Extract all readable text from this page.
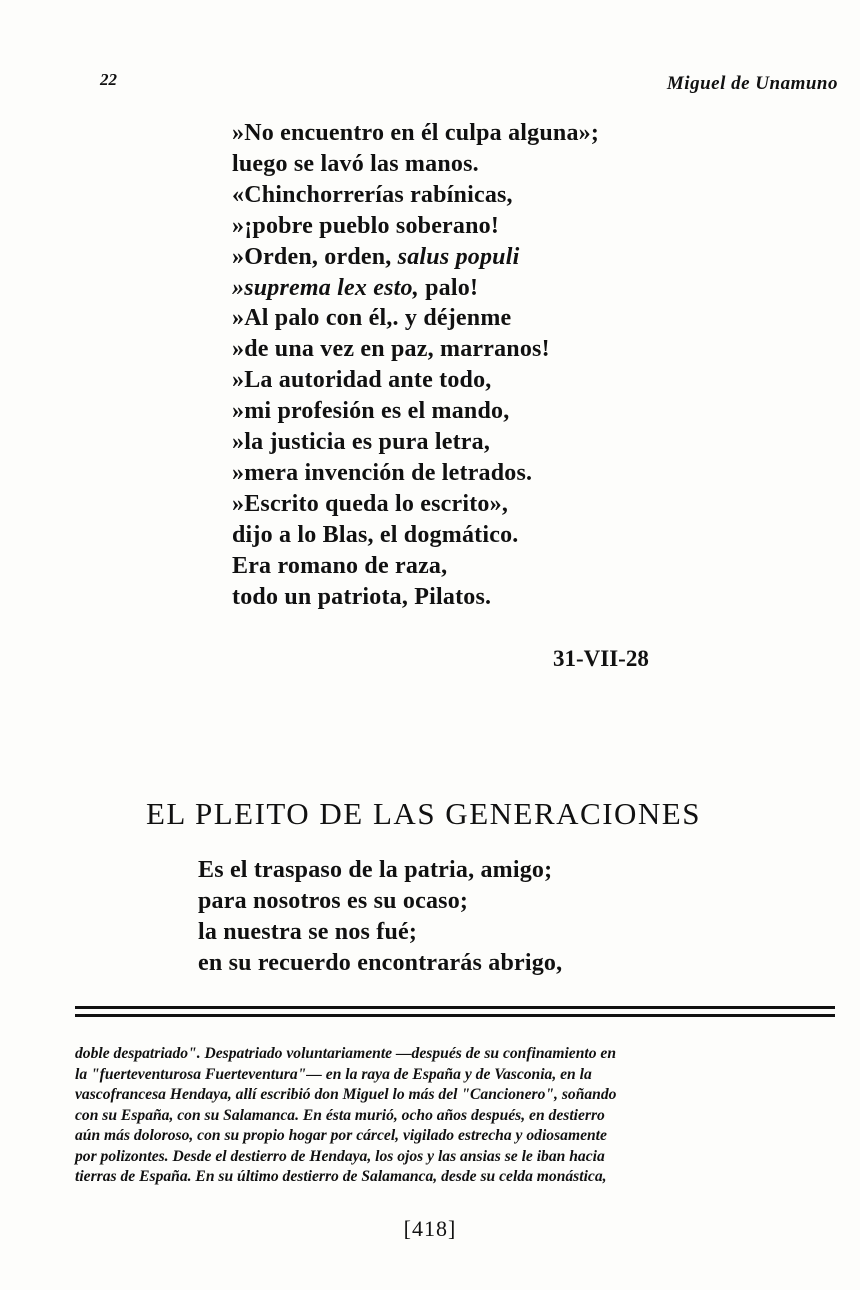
22	Miguel de Unamuno
»No encuentro en él culpa alguna»;
luego se lavó las manos.
«Chinchorrerías rabínicas,
»¡pobre pueblo soberano!
»Orden, orden, salus populi
»suprema lex esto, palo!
»Al palo con él,. y déjenme
»de una vez en paz, marranos!
»La autoridad ante todo,
»mi profesión es el mando,
»la justicia es pura letra,
»mera invención de letrados.
»Escrito queda lo escrito»,
dijo a lo Blas, el dogmático.
Era romano de raza,
todo un patriota, Pilatos.
31-VII-28
EL PLEITO DE LAS GENERACIONES
Es el traspaso de la patria, amigo;
para nosotros es su ocaso;
la nuestra se nos fué;
en su recuerdo encontrarás abrigo,
doble despatriado". Despatriado voluntariamente —después de su confinamiento en
la "fuerteventurosa Fuerteventura"— en la raya de España y de Vasconia, en la
vascofrancesa Hendaya, allí escribió don Miguel lo más del "Cancionero", soñando
con su España, con su Salamanca. En ésta murió, ocho años después, en destierro
aún más doloroso, con su propio hogar por cárcel, vigilado estrecha y odiosamente
por polizontes. Desde el destierro de Hendaya, los ojos y las ansias se le iban hacia
tierras de España. En su último destierro de Salamanca, desde su celda monástica,
[418]
